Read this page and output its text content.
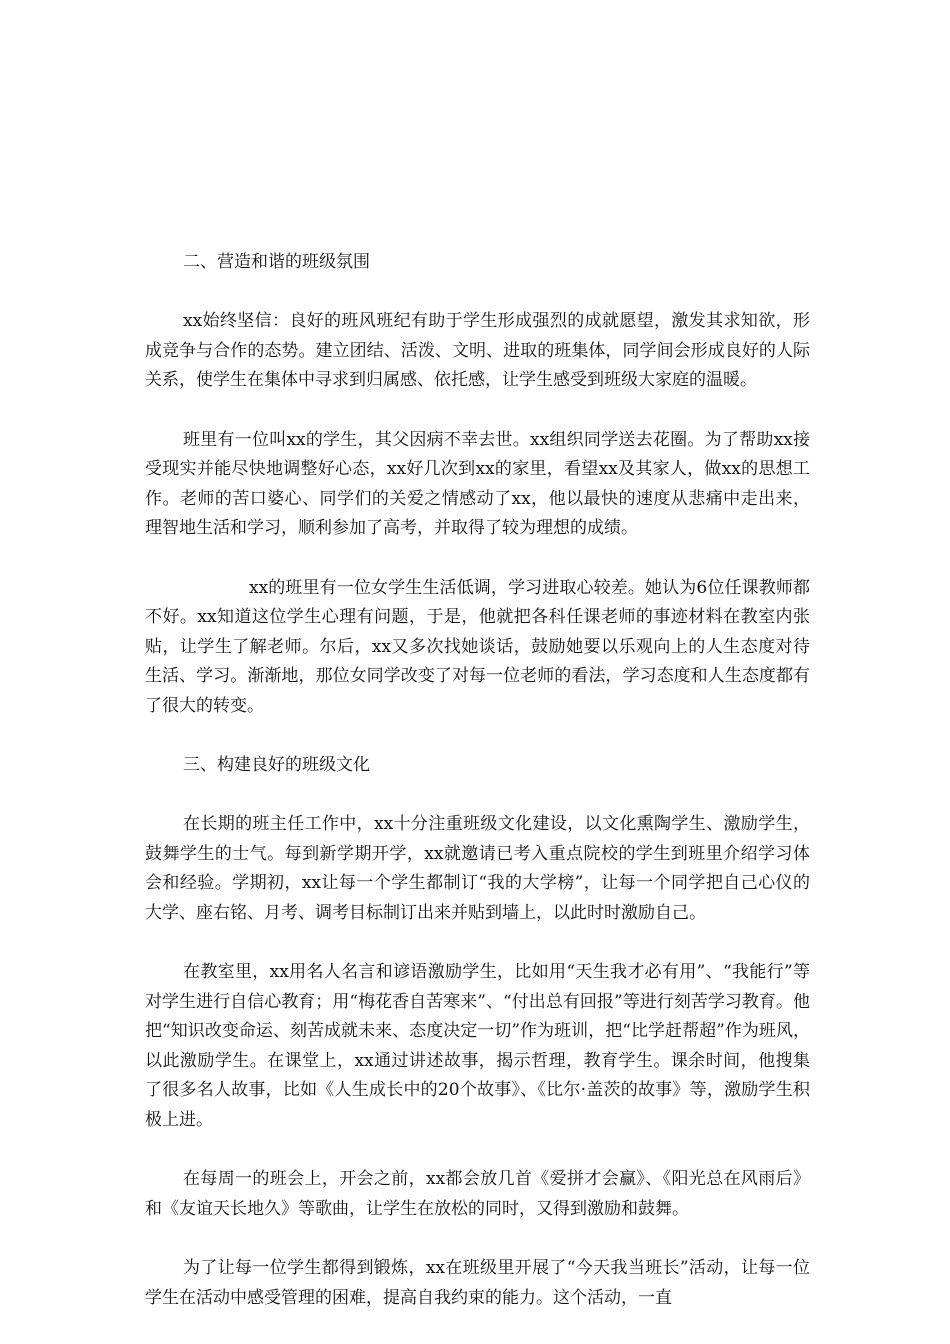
二、营造和谐的班级氛围

xx始终坚信：良好的班风班纪有助于学生形成强烈的成就愿望，激发其求知欲，形成竞争与合作的态势。建立团结、活泼、文明、进取的班集体，同学间会形成良好的人际关系，使学生在集体中寻求到归属感、依托感，让学生感受到班级大家庭的温暖。

班里有一位叫xx的学生，其父因病不幸去世。xx组织同学送去花圈。为了帮助xx接受现实并能尽快地调整好心态，xx好几次到xx的家里，看望xx及其家人，做xx的思想工作。老师的苦口婆心、同学们的关爱之情感动了xx，他以最快的速度从悲痛中走出来，理智地生活和学习，顺利参加了高考，并取得了较为理想的成绩。

xx的班里有一位女学生生活低调，学习进取心较差。她认为6位任课教师都不好。xx知道这位学生心理有问题，于是，他就把各科任课老师的事迹材料在教室内张贴，让学生了解老师。尔后，xx又多次找她谈话，鼓励她要以乐观向上的人生态度对待生活、学习。渐渐地，那位女同学改变了对每一位老师的看法，学习态度和人生态度都有了很大的转变。

三、构建良好的班级文化

在长期的班主任工作中，xx十分注重班级文化建设，以文化熏陶学生、激励学生，鼓舞学生的士气。每到新学期开学，xx就邀请已考入重点院校的学生到班里介绍学习体会和经验。学期初，xx让每一个学生都制订“我的大学榜”，让每一个同学把自己心仪的大学、座右铭、月考、调考目标制订出来并贴到墙上，以此时时激励自己。

在教室里，xx用名人名言和谚语激励学生，比如用“天生我才必有用”、“我能行”等对学生进行自信心教育；用“梅花香自苦寒来”、“付出总有回报”等进行刻苦学习教育。他把“知识改变命运、刻苦成就未来、态度决定一切”作为班训，把“比学赶帮超”作为班风，以此激励学生。在课堂上，xx通过讲述故事，揭示哲理，教育学生。课余时间，他搜集了很多名人故事，比如《人生成长中的20个故事》、《比尔·盖茨的故事》等，激励学生积极上进。

在每周一的班会上，开会之前，xx都会放几首《爱拼才会赢》、《阳光总在风雨后》和《友谊天长地久》等歌曲，让学生在放松的同时，又得到激励和鼓舞。

为了让每一位学生都得到锻炼，xx在班级里开展了“今天我当班长”活动，让每一位学生在活动中感受管理的困难，提高自我约束的能力。这个活动，一直
